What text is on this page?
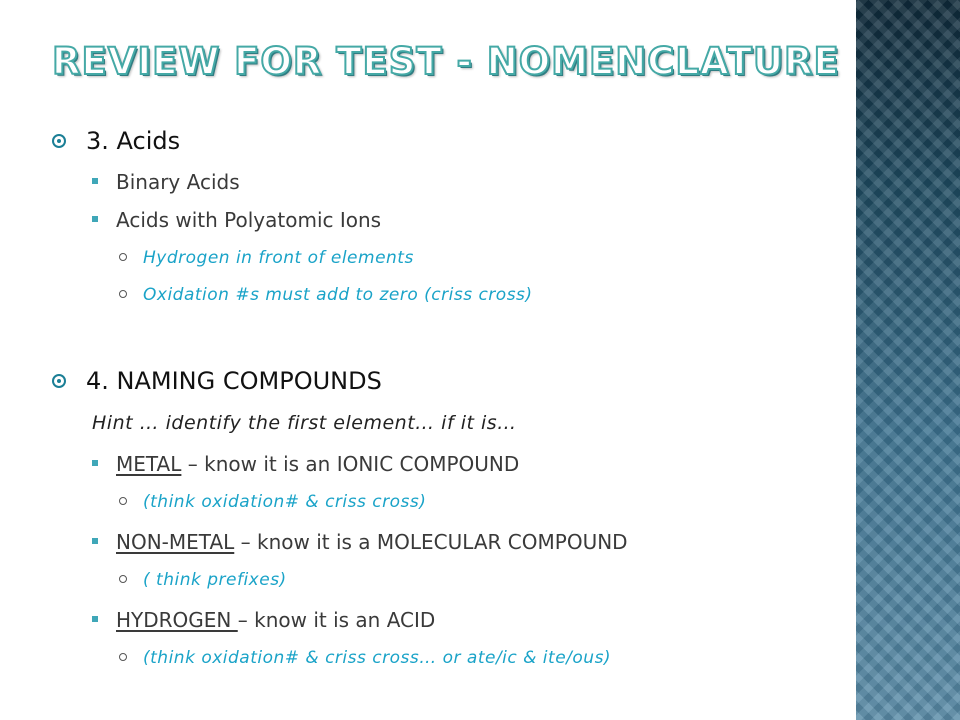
REVIEW FOR TEST - NOMENCLATURE
3. Acids
Binary Acids
Acids with Polyatomic Ions
Hydrogen in front of elements
Oxidation #s must add to zero (criss cross)
4. NAMING COMPOUNDS
Hint … identify the first element… if it is…
METAL – know it is an IONIC COMPOUND
(think oxidation# & criss cross)
NON-METAL – know it is a MOLECULAR COMPOUND
( think prefixes)
HYDROGEN – know it is an ACID
(think oxidation# & criss cross… or ate/ic & ite/ous)
